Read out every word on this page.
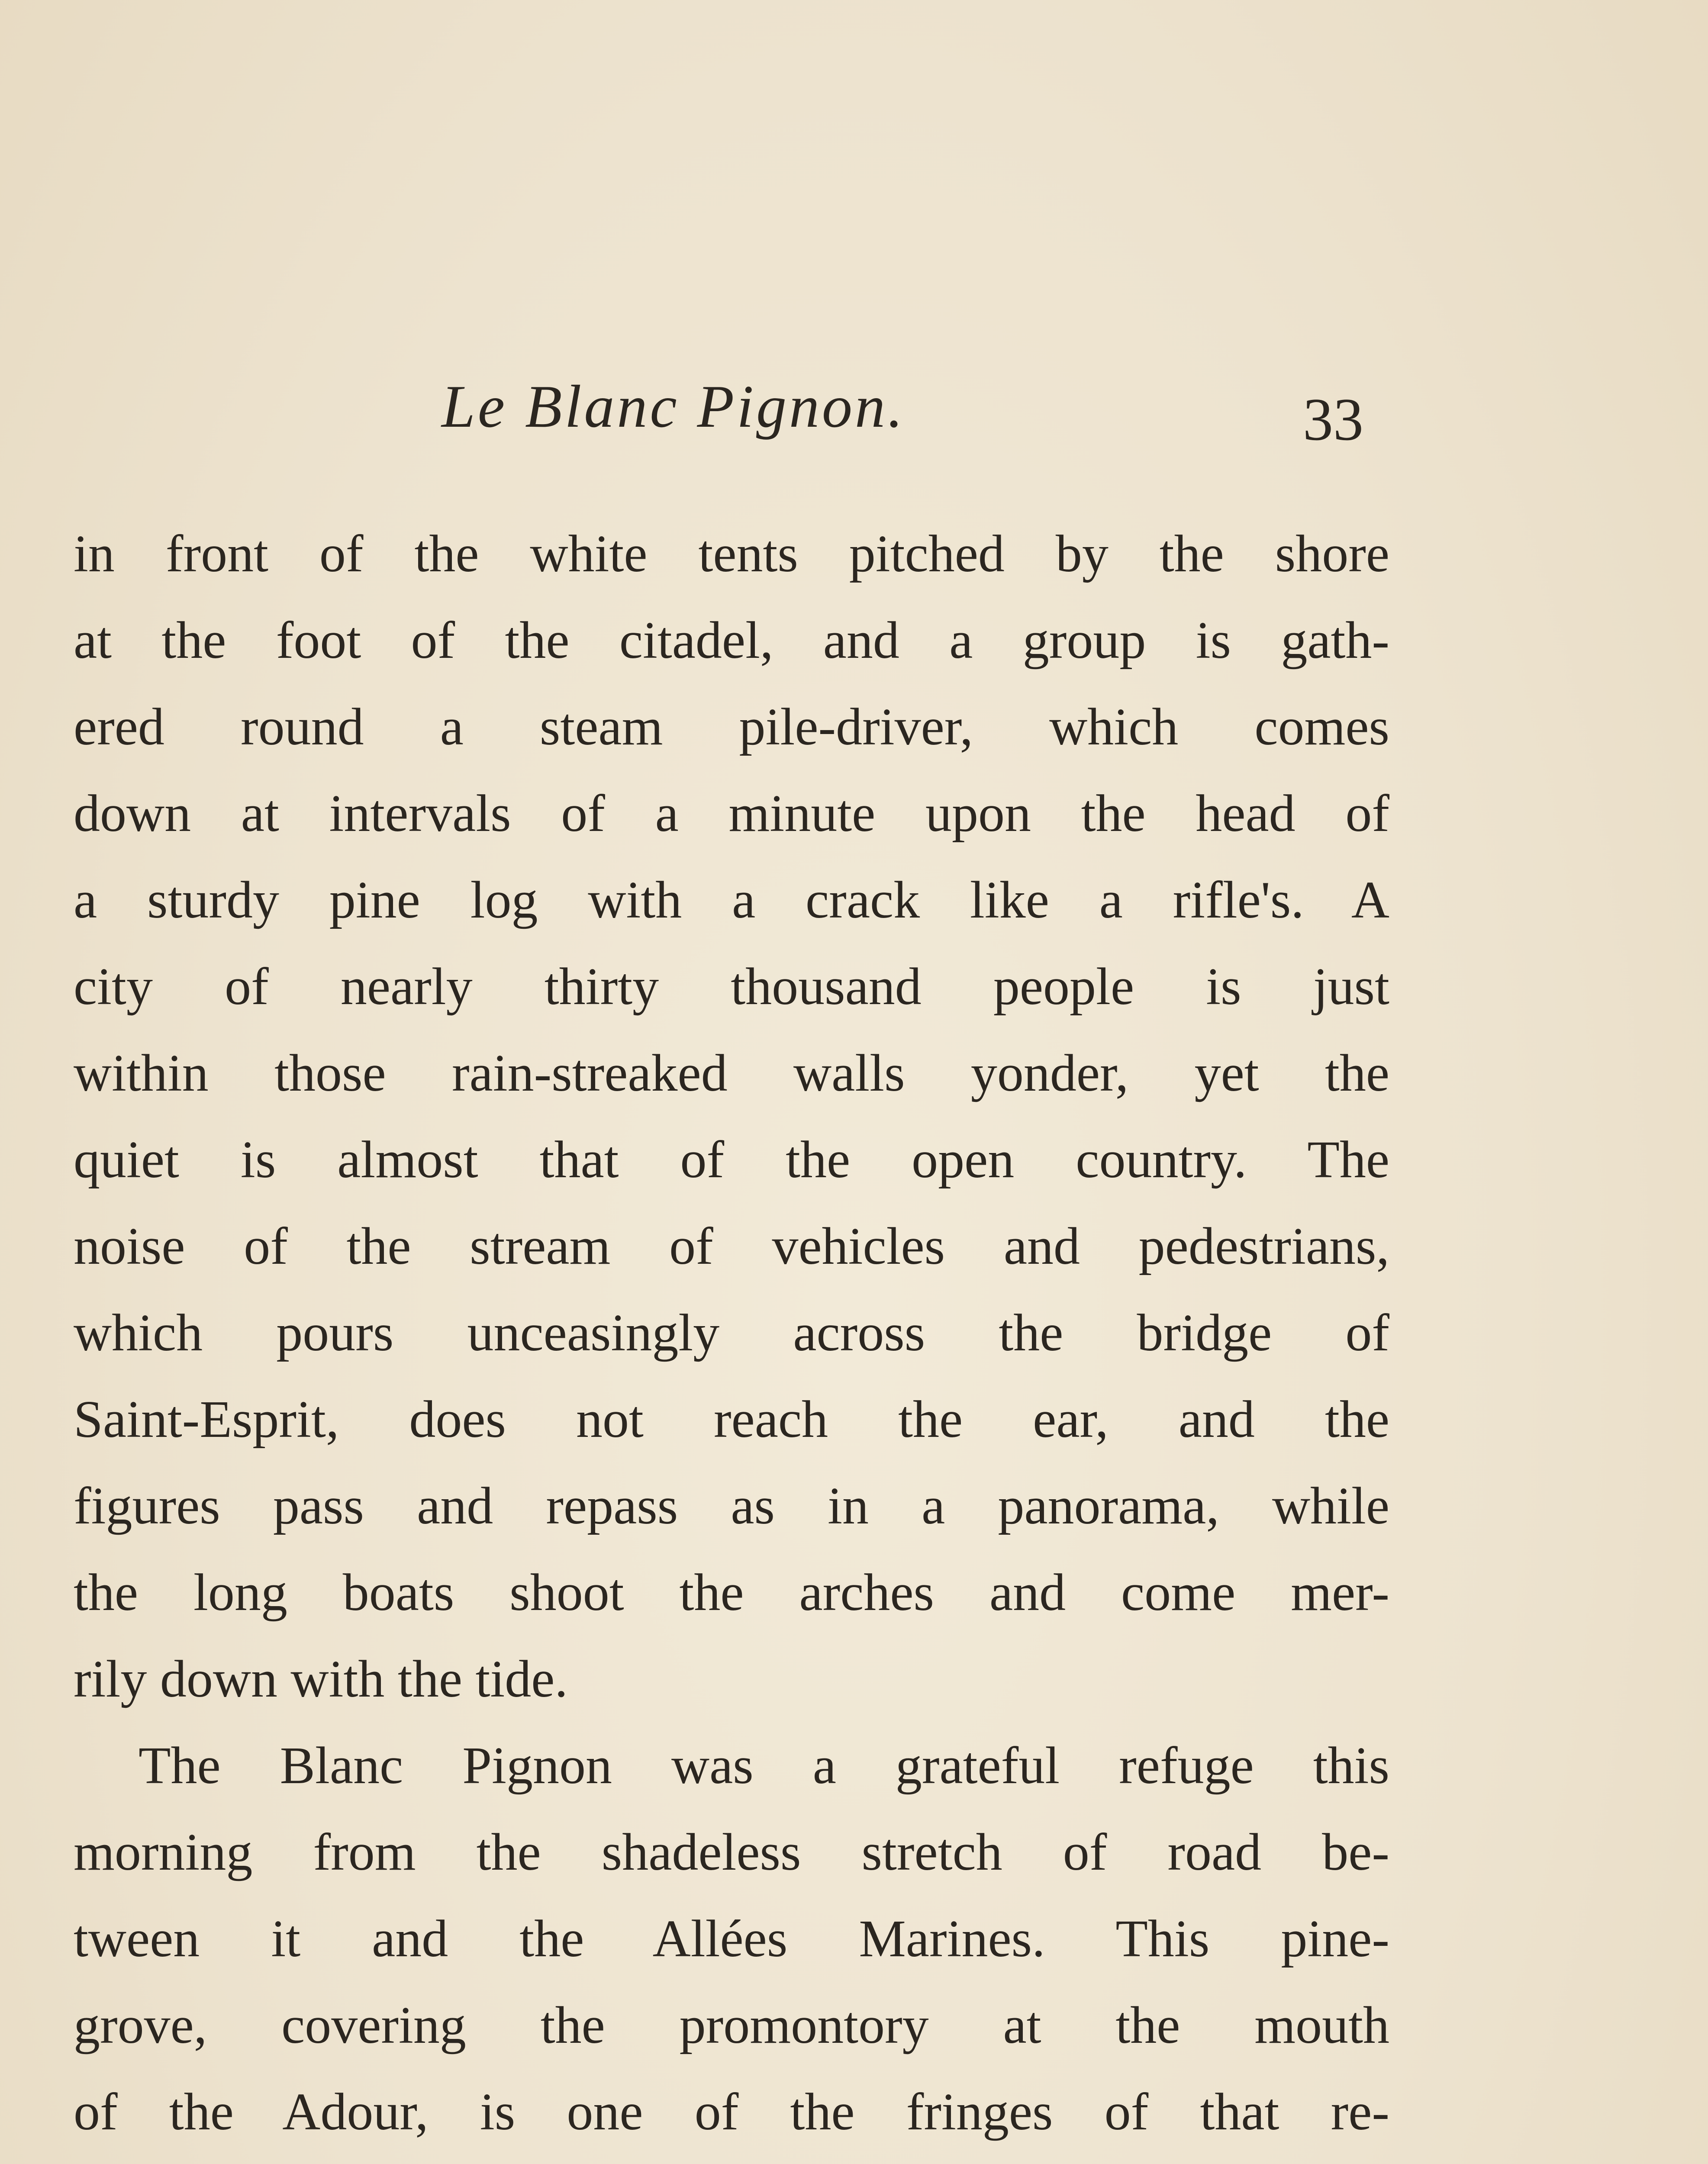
Le Blanc Pignon.	33
in front of the white tents pitched by the shore
at the foot of the citadel, and a group is gath-
ered round a steam pile-driver, which comes
down at intervals of a minute upon the head of
a sturdy pine log with a crack like a rifle's. A
city of nearly thirty thousand people is just
within those rain-streaked walls yonder, yet the
quiet is almost that of the open country. The
noise of the stream of vehicles and pedestrians,
which pours unceasingly across the bridge of
Saint-Esprit, does not reach the ear, and the
figures pass and repass as in a panorama, while
the long boats shoot the arches and come mer-
rily down with the tide.
The Blanc Pignon was a grateful refuge this
morning from the shadeless stretch of road be-
tween it and the Allées Marines. This pine-
grove, covering the promontory at the mouth
of the Adour, is one of the fringes of that re-
